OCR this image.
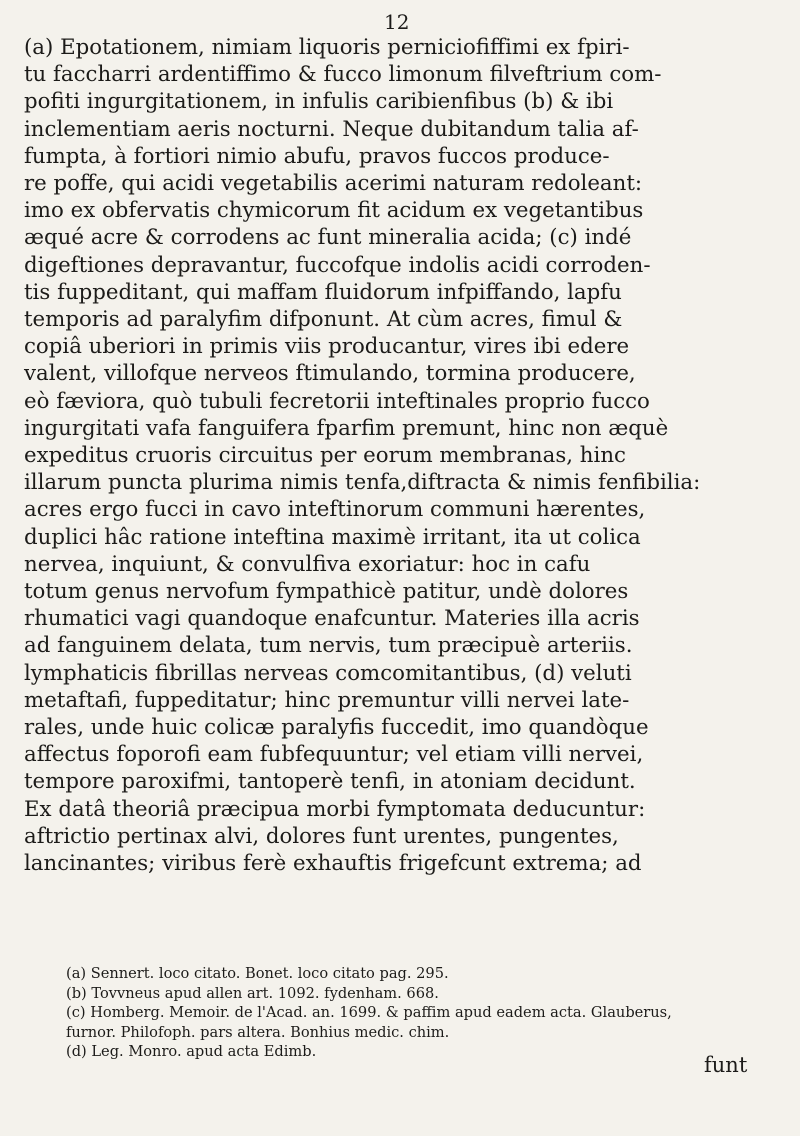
12
(a) Epotationem, nimiam liquoris perniciofiffimi ex fpiri-
tu faccharri ardentiffimo & fucco limonum filveftrium com-
pofiti ingurgitationem, in infulis caribienfibus (b) & ibi
inclementiam aeris nocturni. Neque dubitandum talia af-
fumpta, à fortiori nimio abufu, pravos fuccos produce-
re poffe, qui acidi vegetabilis acerimi naturam redoleant:
imo ex obfervatis chymicorum fit acidum ex vegetantibus
æqué acre & corrodens ac funt mineralia acida; (c) indé
digeftiones depravantur, fuccofque indolis acidi corroden-
tis fuppeditant, qui maffam fluidorum infpiffando, lapfu
temporis ad paralyfim difponunt. At cùm acres, fimul &
copiâ uberiori in primis viis producantur, vires ibi edere
valent, villofque nerveos ftimulando, tormina producere,
eò fæviora, quò tubuli fecretorii inteftinales proprio fucco
ingurgitati vafa fanguifera fparfim premunt, hinc non æquè
expeditus cruoris circuitus per eorum membranas, hinc
illarum puncta plurima nimis tenfa,diftracta & nimis fenfibilia:
acres ergo fucci in cavo inteftinorum communi hærentes,
duplici hâc ratione inteftina maximè irritant, ita ut colica
nervea, inquiunt, & convulfiva exoriatur: hoc in cafu
totum genus nervofum fympathicè patitur, undè dolores
rhumatici vagi quandoque enafcuntur. Materies illa acris
ad fanguinem delata, tum nervis, tum præcipuè arteriis.
lymphaticis fibrillas nerveas comcomitantibus, (d) veluti
metaftafi, fuppeditatur; hinc premuntur villi nervei late-
rales, unde huic colicæ paralyfis fuccedit, imo quandòque
affectus foporofi eam fubfequuntur; vel etiam villi nervei,
tempore paroxifmi, tantoperè tenfi, in atoniam decidunt.
Ex datâ theoriâ præcipua morbi fymptomata deducuntur:
aftrictio pertinax alvi, dolores funt urentes, pungentes,
lancinantes; viribus ferè exhauftis frigefcunt extrema; ad
(a) Sennert. loco citato. Bonet. loco citato pag. 295.
(b) Tovvneus apud allen art. 1092. fydenham. 668.
(c) Homberg. Memoir. de l'Acad. an. 1699. & paffim apud eadem acta. Glauberus,
furnor. Philofoph. pars altera. Bonhius medic. chim.
(d) Leg. Monro. apud acta Edimb.
funt
